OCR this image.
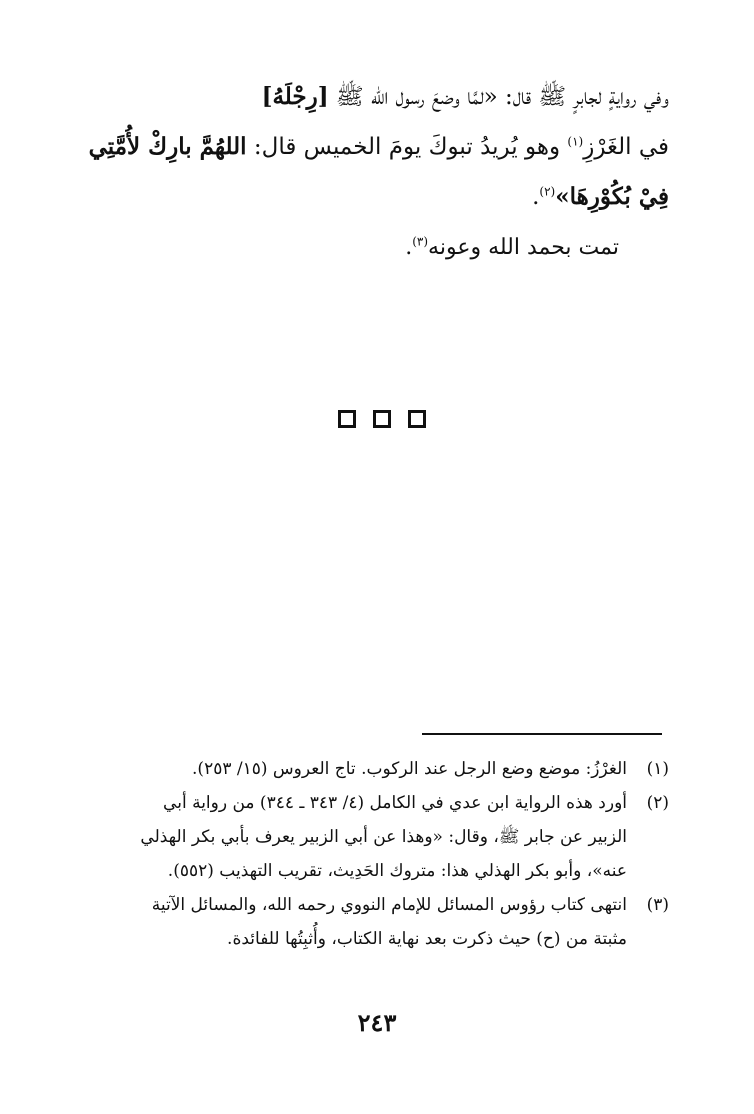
وفي روايةٍ لجابرٍ ﷺ قال: «لمَّا وضعَ رسول الله ﷺ [رِجْلَهُ]
في الغَرْزِ$^{(١)}$ وهو يُريدُ تبوكَ يومَ الخميس قال: اللهُمَّ بارِكْ لأُمَّتِي
فِيْ بُكُوْرِهَا»$^{(٢)}$.
تمت بحمد الله وعونه$^{(٣)}$.
(١)
الغرْزُ: موضع وضع الرجل عند الركوب. تاج العروس (١٥/ ٢٥٣).
(٢)
أورد هذه الرواية ابن عدي في الكامل (٤/ ٣٤٣ ـ ٣٤٤) من رواية أبي
الزبير عن جابر ﷺ، وقال: «وهذا عن أبي الزبير يعرف بأبي بكر الهذلي
عنه»، وأبو بكر الهذلي هذا: متروك الحَدِيث، تقريب التهذيب (٥٥٢).
(٣)
انتهى كتاب رؤوس المسائل للإمام النووي رحمه الله، والمسائل الآتية
مثبتة من (ح) حيث ذكرت بعد نهاية الكتاب، وأُثبِتُها للفائدة.
٢٤٣
